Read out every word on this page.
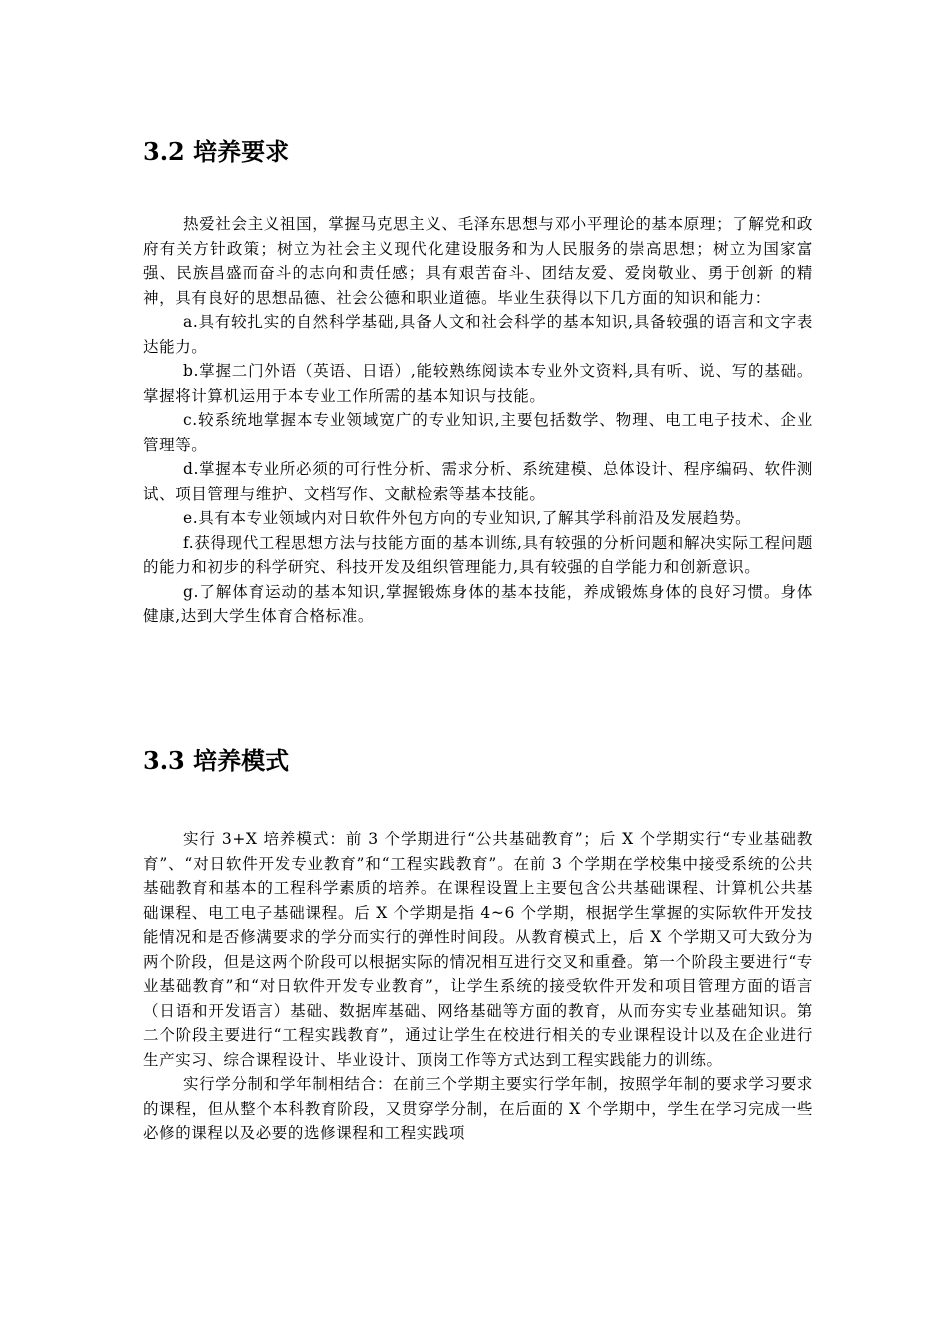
3.2 培养要求

热爱社会主义祖国，掌握马克思主义、毛泽东思想与邓小平理论的基本原理；了解党和政府有关方针政策；树立为社会主义现代化建设服务和为人民服务的崇高思想；树立为国家富强、民族昌盛而奋斗的志向和责任感；具有艰苦奋斗、团结友爱、爱岗敬业、勇于创新 的精神，具有良好的思想品德、社会公德和职业道德。毕业生获得以下几方面的知识和能力：

a.具有较扎实的自然科学基础,具备人文和社会科学的基本知识,具备较强的语言和文字表达能力。

b.掌握二门外语（英语、日语）,能较熟练阅读本专业外文资料,具有听、说、写的基础。掌握将计算机运用于本专业工作所需的基本知识与技能。

c.较系统地掌握本专业领域宽广的专业知识,主要包括数学、物理、电工电子技术、企业管理等。

d.掌握本专业所必须的可行性分析、需求分析、系统建模、总体设计、程序编码、软件测试、项目管理与维护、文档写作、文献检索等基本技能。

e.具有本专业领域内对日软件外包方向的专业知识,了解其学科前沿及发展趋势。

f.获得现代工程思想方法与技能方面的基本训练,具有较强的分析问题和解决实际工程问题的能力和初步的科学研究、科技开发及组织管理能力,具有较强的自学能力和创新意识。

g.了解体育运动的基本知识,掌握锻炼身体的基本技能，养成锻炼身体的良好习惯。身体健康,达到大学生体育合格标准。

3.3 培养模式

实行 3+X 培养模式：前 3 个学期进行“公共基础教育”；后 X 个学期实行“专业基础教育”、“对日软件开发专业教育”和“工程实践教育”。在前 3 个学期在学校集中接受系统的公共基础教育和基本的工程科学素质的培养。在课程设置上主要包含公共基础课程、计算机公共基础课程、电工电子基础课程。后 X 个学期是指 4~6 个学期，根据学生掌握的实际软件开发技能情况和是否修满要求的学分而实行的弹性时间段。从教育模式上，后 X 个学期又可大致分为两个阶段，但是这两个阶段可以根据实际的情况相互进行交叉和重叠。第一个阶段主要进行“专业基础教育”和“对日软件开发专业教育”，让学生系统的接受软件开发和项目管理方面的语言（日语和开发语言）基础、数据库基础、网络基础等方面的教育，从而夯实专业基础知识。第二个阶段主要进行“工程实践教育”，通过让学生在校进行相关的专业课程设计以及在企业进行生产实习、综合课程设计、毕业设计、顶岗工作等方式达到工程实践能力的训练。

实行学分制和学年制相结合：在前三个学期主要实行学年制，按照学年制的要求学习要求的课程，但从整个本科教育阶段，又贯穿学分制，在后面的 X 个学期中，学生在学习完成一些必修的课程以及必要的选修课程和工程实践项
